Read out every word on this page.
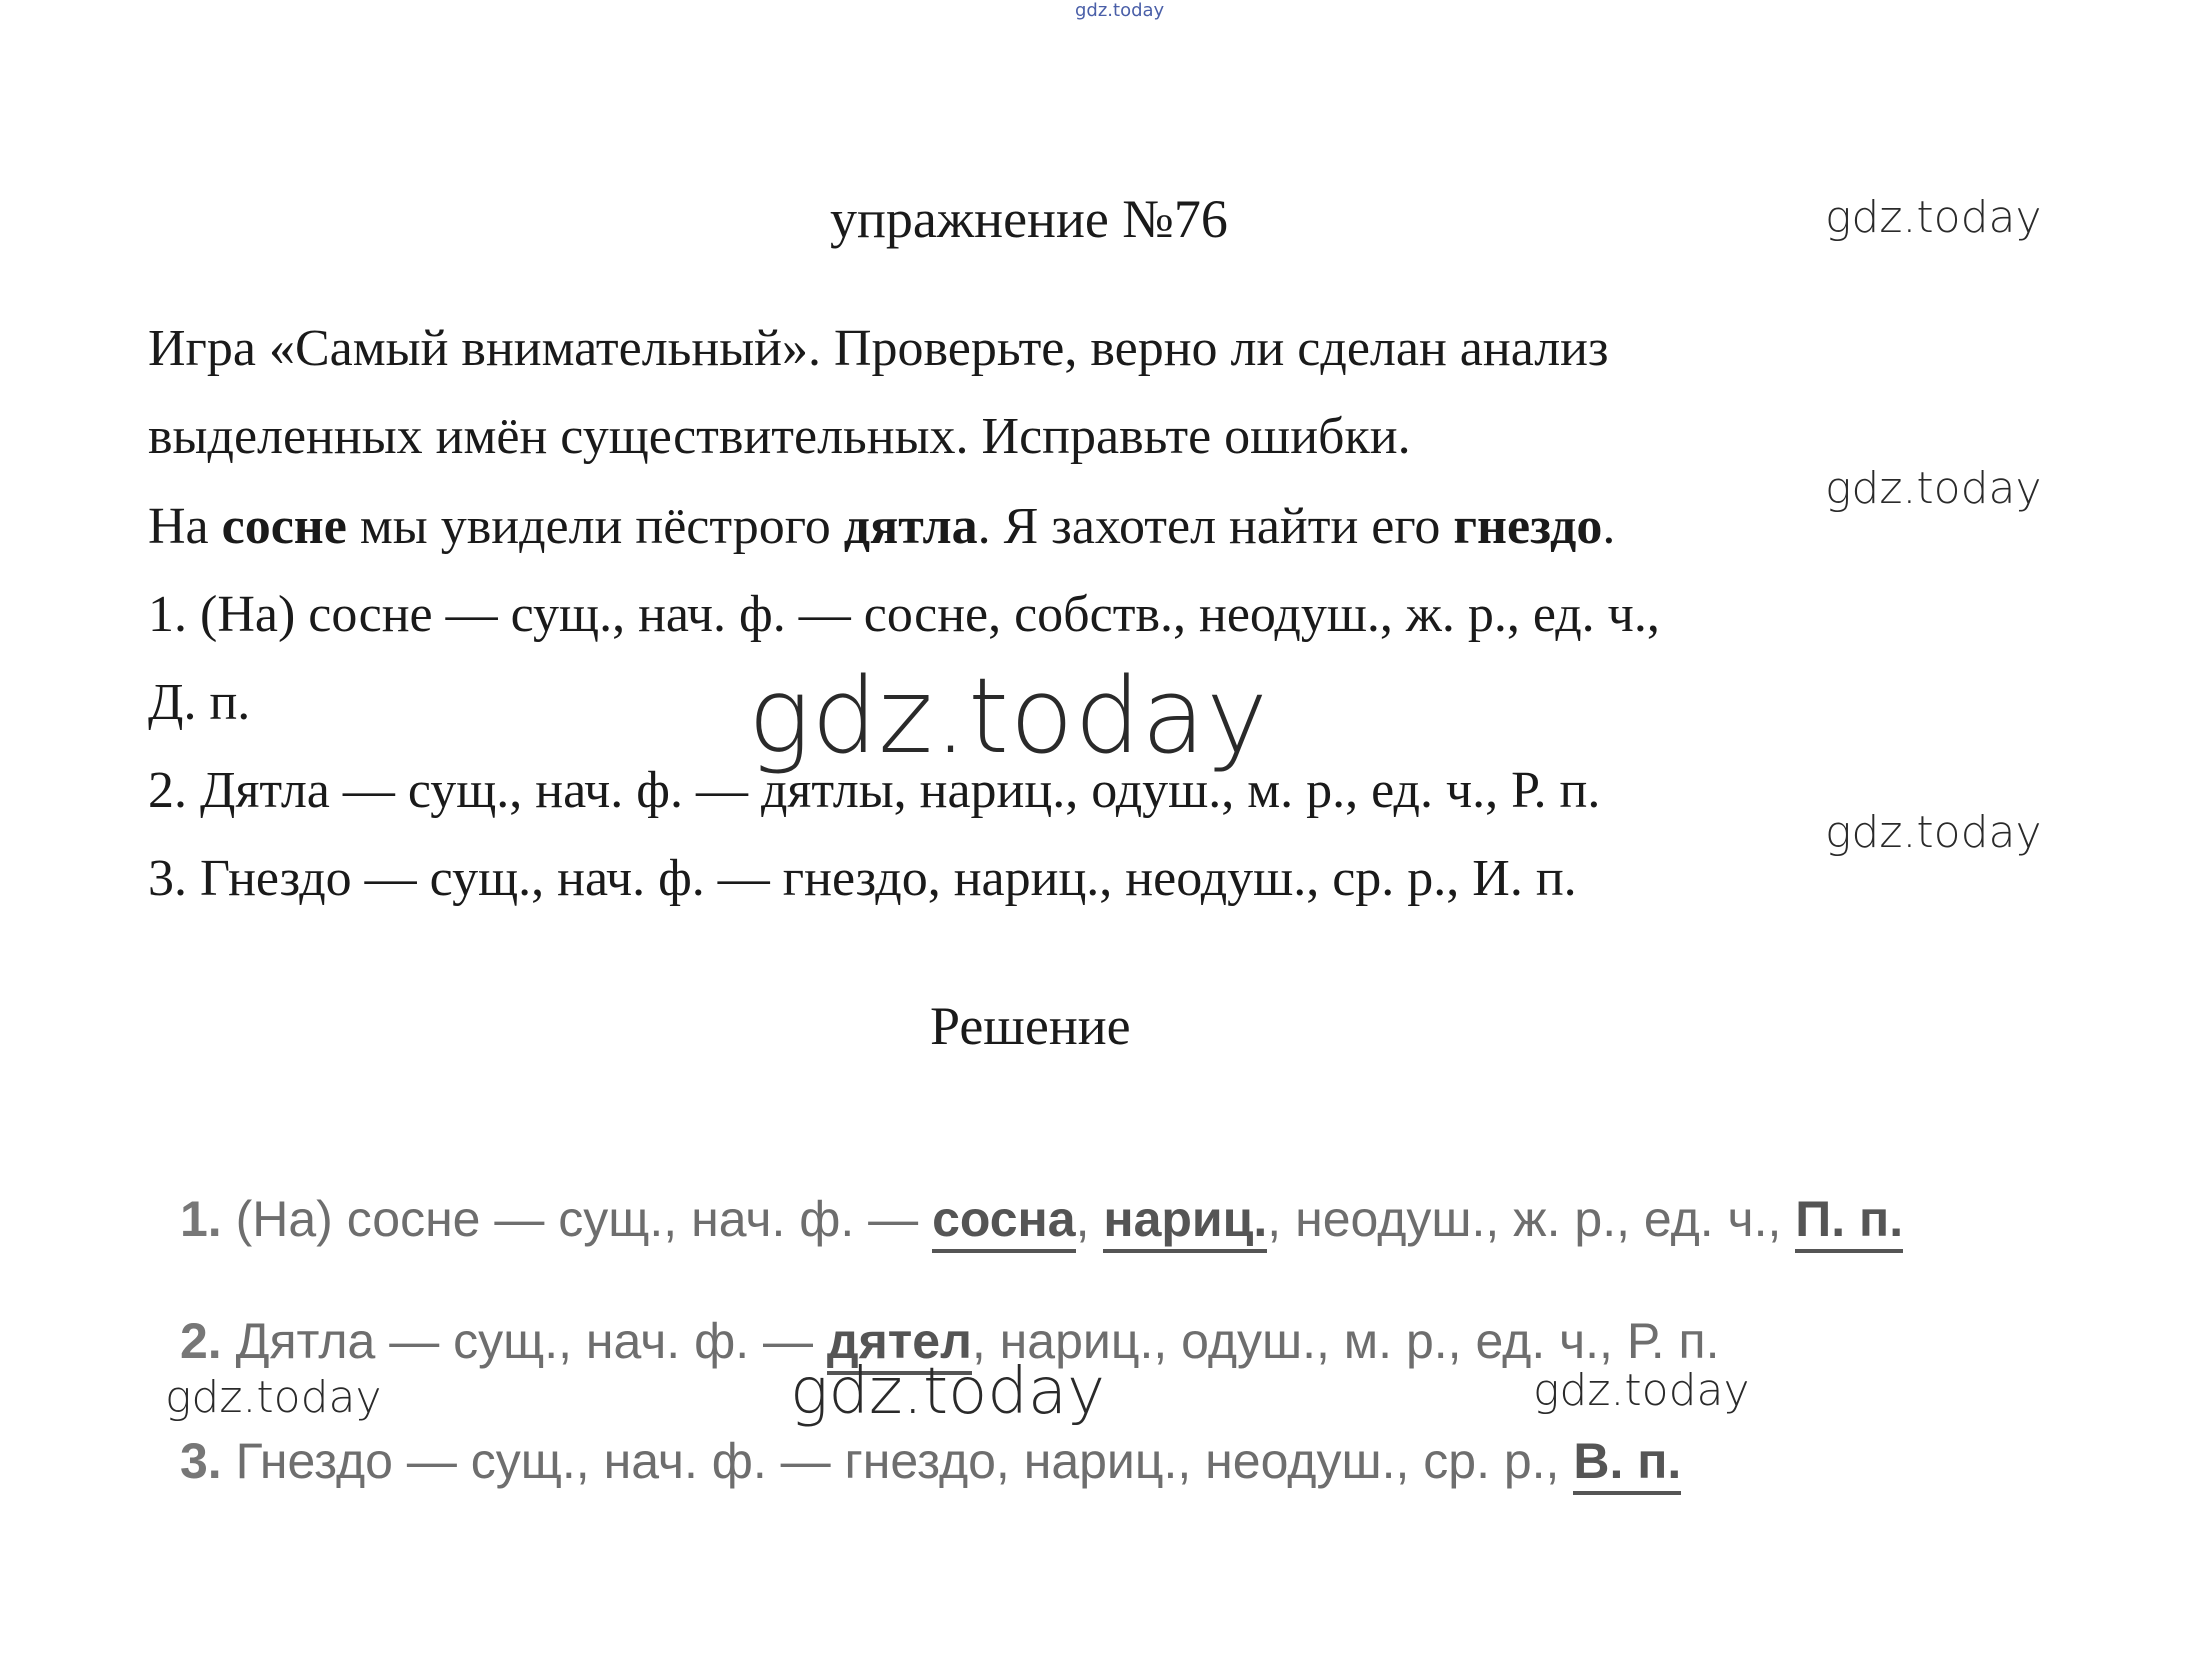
gdz.today
упражнение №76	gdz.today
Игра «Самый внимательный». Проверьте, верно ли сделан анализ
выделенных имён существительных. Исправьте ошибки.
gdz.today
На сосне мы увидели пёстрого дятла. Я захотел найти его гнездо.
1. (На) сосне — сущ., нач. ф. — сосне, собств., неодуш., ж. р., ед. ч.,
Д. п.	gdz.today
2. Дятла — сущ., нач. ф. — дятлы, нариц., одуш., м. р., ед. ч., Р. п.
gdz.today
3. Гнездо — сущ., нач. ф. — гнездо, нариц., неодуш., ср. р., И. п.
Решение
1. (На) сосне — сущ., нач. ф. — сосна, нариц., неодуш., ж. р., ед. ч., П. п.
2. Дятла — сущ., нач. ф. — дятел, нариц., одуш., м. р., ед. ч., Р. п.
gdz.today	gdz.today	gdz.today
3. Гнездо — сущ., нач. ф. — гнездо, нариц., неодуш., ср. р., В. п.
